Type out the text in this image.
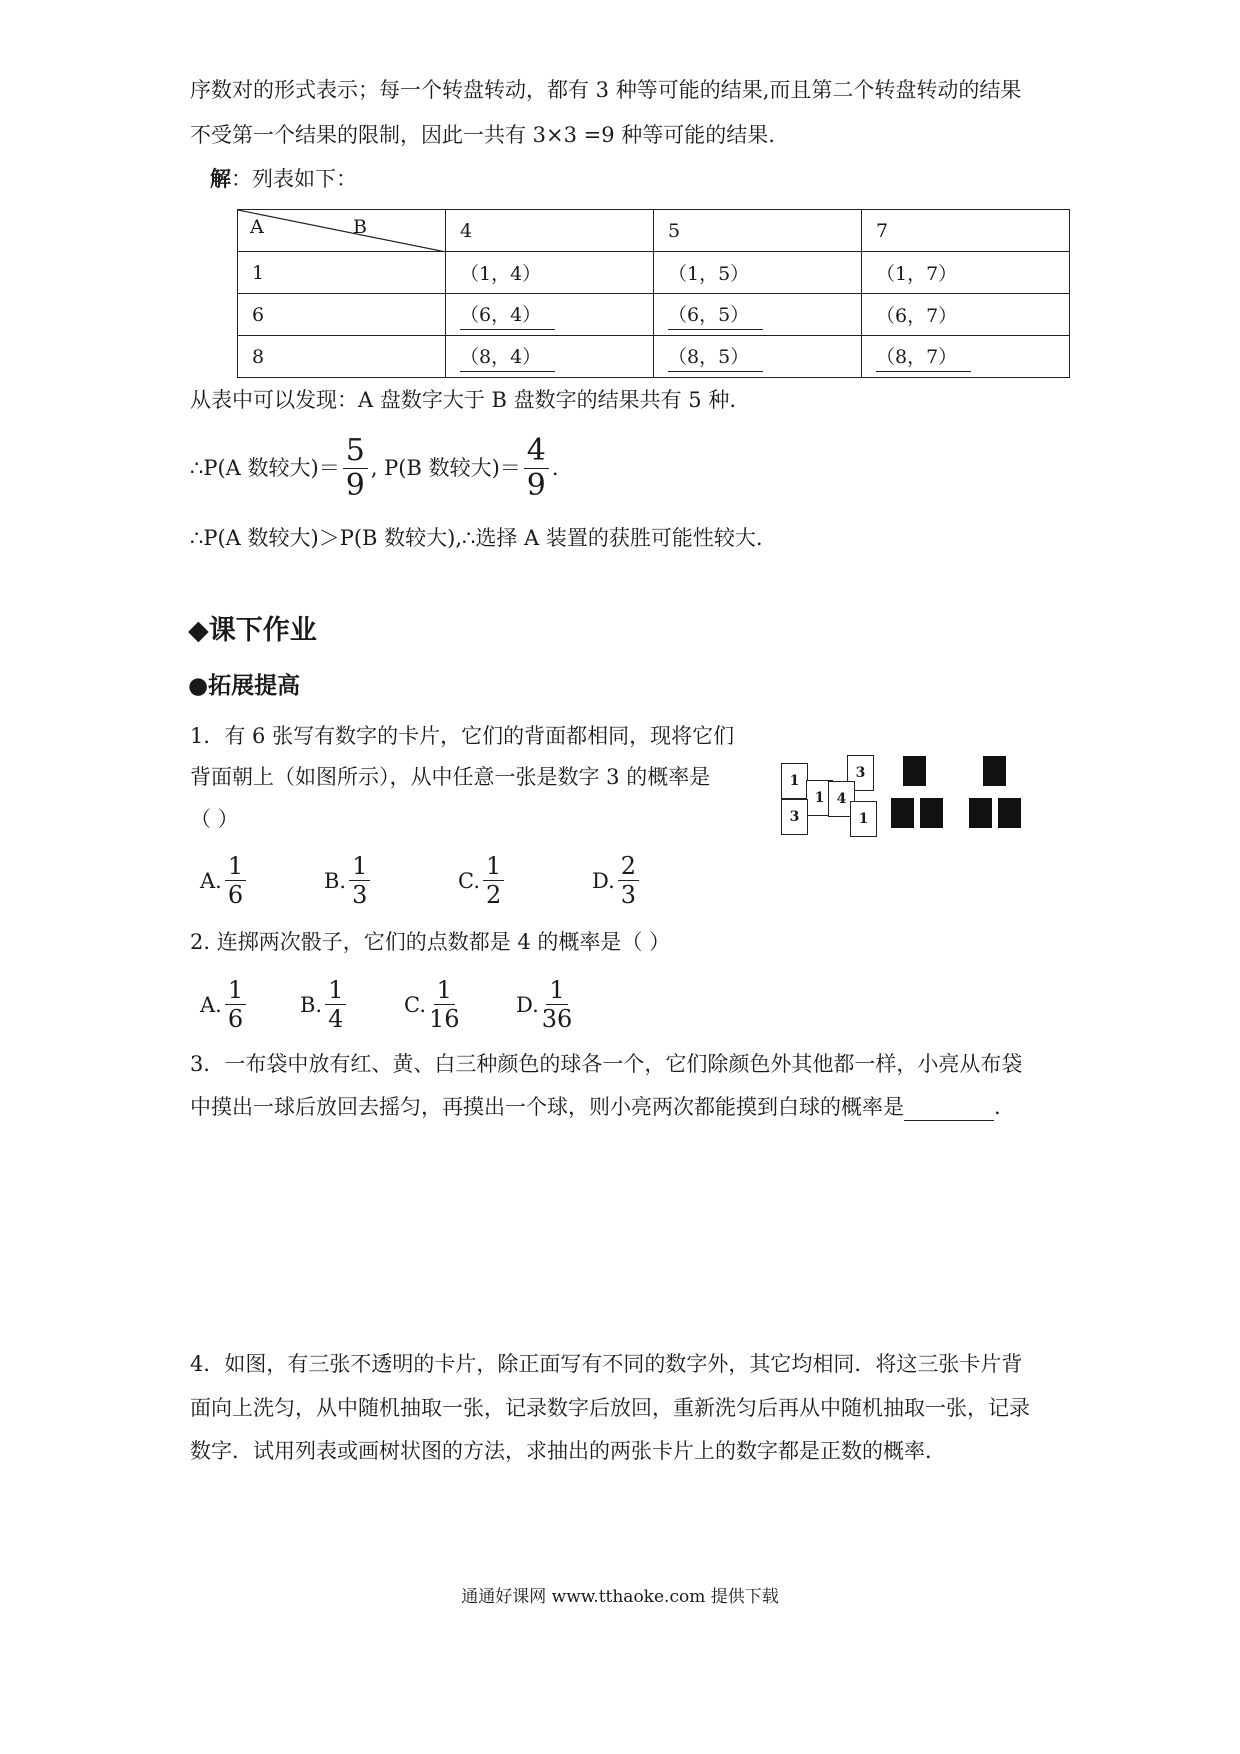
序数对的形式表示；每一个转盘转动，都有 3 种等可能的结果,而且第二个转盘转动的结果
不受第一个结果的限制，因此一共有 3×3 =9 种等可能的结果.
解：列表如下：
A B	4	5	7
1	（1，4）	（1，5）	（1，7）
6	（6，4）	（6，5）	（6，7）
8	（8，4）	（8，5）	（8，7）
从表中可以发现：A 盘数字大于 B 盘数字的结果共有 5 种.
∴P(A 数较大)＝ $\frac{5}{9}$ , P(B 数较大)＝ $\frac{4}{9}$ .
∴P(A 数较大)＞P(B 数较大),∴选择 A 装置的获胜可能性较大.
◆课下作业
●拓展提高
1．有 6 张写有数字的卡片，它们的背面都相同，现将它们
背面朝上（如图所示），从中任意一张是数字 3 的概率是
（ ）
1
1
3
3
4
1
A. $\frac{1}{6}$	B. $\frac{1}{3}$	C. $\frac{1}{2}$	D. $\frac{2}{3}$
2. 连掷两次骰子，它们的点数都是 4 的概率是（ ）
A. $\frac{1}{6}$	B. $\frac{1}{4}$	C. $\frac{1}{16}$	D. $\frac{1}{36}$
3．一布袋中放有红、黄、白三种颜色的球各一个，它们除颜色外其他都一样，小亮从布袋
中摸出一球后放回去摇匀，再摸出一个球，则小亮两次都能摸到白球的概率是	.
4．如图，有三张不透明的卡片，除正面写有不同的数字外，其它均相同．将这三张卡片背
面向上洗匀，从中随机抽取一张，记录数字后放回，重新洗匀后再从中随机抽取一张，记录
数字．试用列表或画树状图的方法，求抽出的两张卡片上的数字都是正数的概率．
通通好课网 www.tthaoke.com 提供下载
